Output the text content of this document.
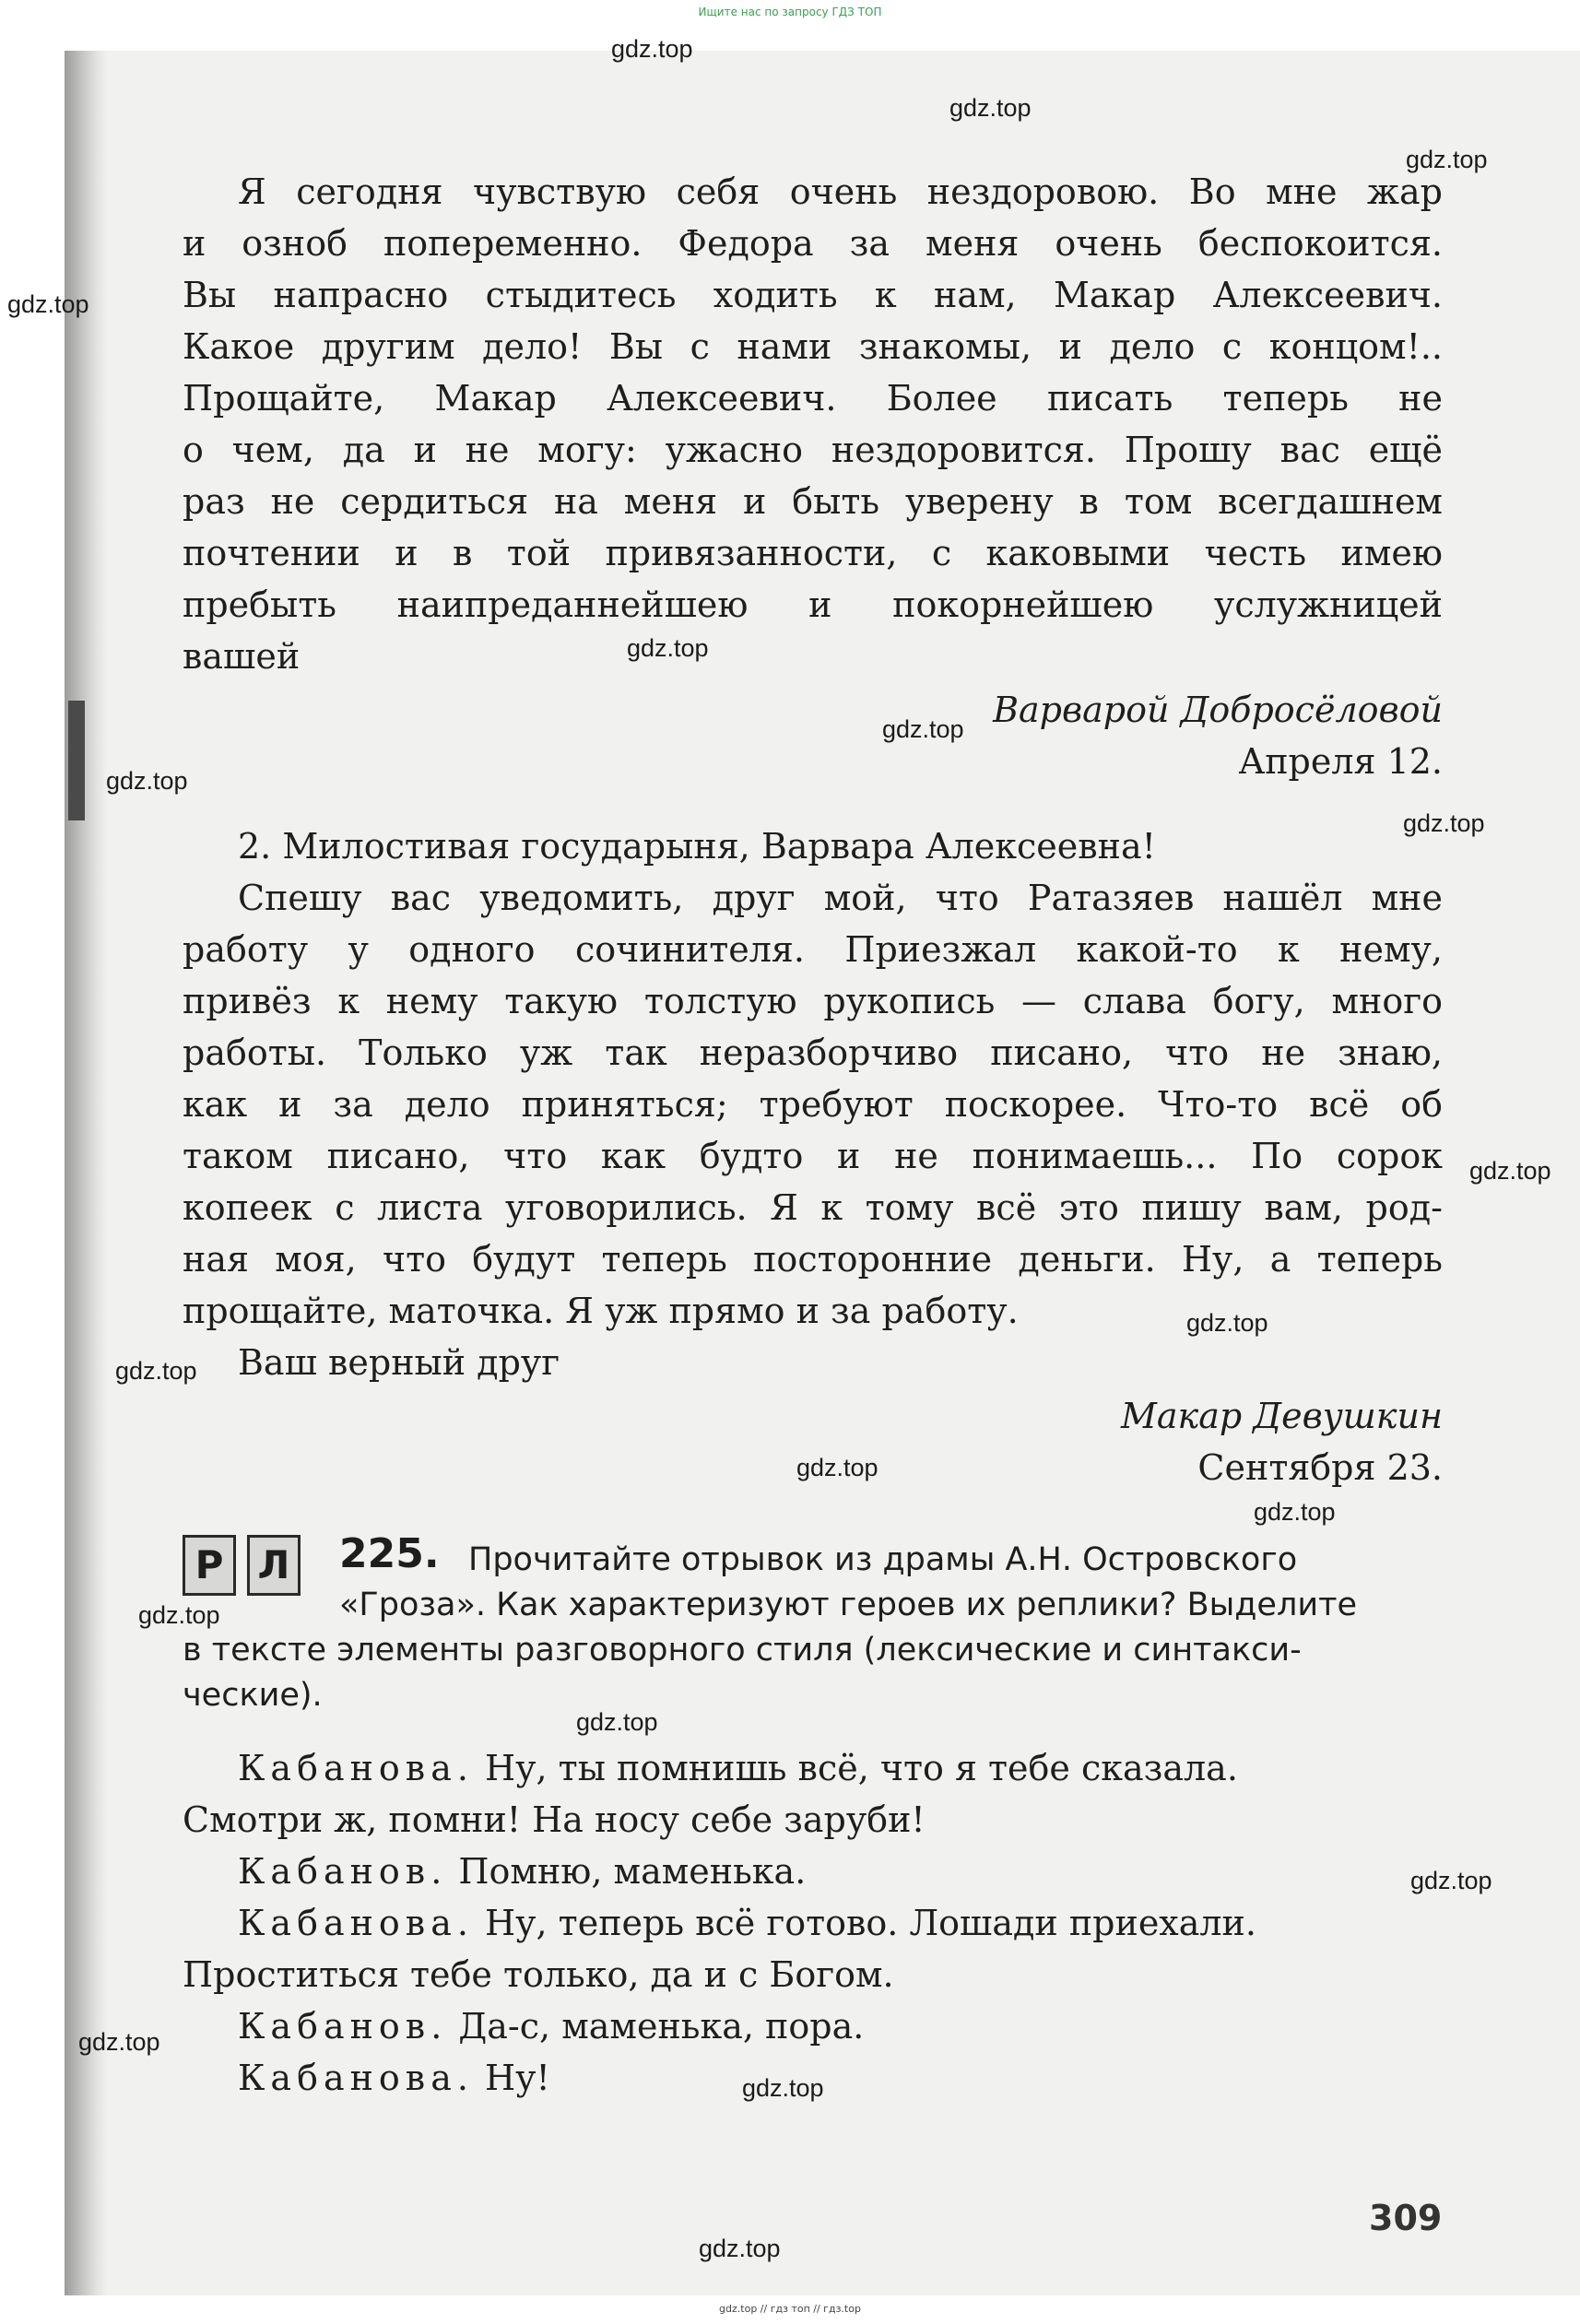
Ищите нас по запросу ГДЗ ТОП
Я сегодня чувствую себя очень нездоровою. Во мне жар
и озноб попеременно. Федора за меня очень беспокоится.
Вы напрасно стыдитесь ходить к нам, Макар Алексеевич.
Какое другим дело! Вы с нами знакомы, и дело с концом!..
Прощайте, Макар Алексеевич. Более писать теперь не
о чем, да и не могу: ужасно нездоровится. Прошу вас ещё
раз не сердиться на меня и быть уверену в том всегдашнем
почтении и в той привязанности, с каковыми честь имею
пребыть наипреданнейшею и покорнейшею услужницей
вашей
Варварой Добросёловой
Апреля 12.
2. Милостивая государыня, Варвара Алексеевна!
Спешу вас уведомить, друг мой, что Ратазяев нашёл мне
работу у одного сочинителя. Приезжал какой-то к нему,
привёз к нему такую толстую рукопись — слава богу, много
работы. Только уж так неразборчиво писано, что не знаю,
как и за дело приняться; требуют поскорее. Что-то всё об
таком писано, что как будто и не понимаешь... По сорок
копеек с листа уговорились. Я к тому всё это пишу вам, род-
ная моя, что будут теперь посторонние деньги. Ну, а теперь
прощайте, маточка. Я уж прямо и за работу.
Ваш верный друг
Макар Девушкин
Сентября 23.
Р Л 225. Прочитайте отрывок из драмы А.Н. Островского
«Гроза». Как характеризуют героев их реплики? Выделите
в тексте элементы разговорного стиля (лексические и синтакси-
ческие).
Кабанова. Ну, ты помнишь всё, что я тебе сказала.
Смотри ж, помни! На носу себе заруби!
Кабанов. Помню, маменька.
Кабанова. Ну, теперь всё готово. Лошади приехали.
Проститься тебе только, да и с Богом.
Кабанов. Да-с, маменька, пора.
Кабанова. Ну!
309
gdz.top
gdz.top
gdz.top
gdz.top
gdz.top
gdz.top
gdz.top
gdz.top
gdz.top
gdz.top
gdz.top
gdz.top
gdz.top
gdz.top
gdz.top
gdz.top
gdz.top
gdz.top
gdz.top
gdz.top // гдз топ // гдз.top
